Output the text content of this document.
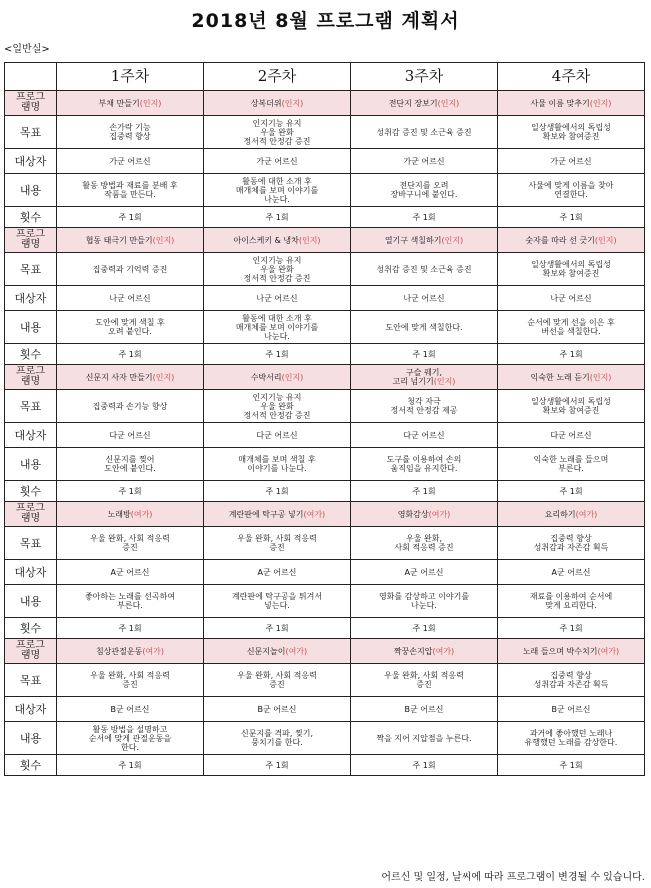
2018년 8월 프로그램 계획서
<일반실>
	1주차	2주차	3주차	4주차
프로그
램명	부채 만들기(인지)	상복더위(인지)	전단지 장보기(인지)	사물 이름 맞추기(인지)
목표	손가락 기능
집중력 향상	인지기능 유지
우울 완화
정서적 안정감 증진	성취감 증진 및 소근육 증진	일상생활에서의 독립성
확보와 참여증진
대상자	가군 어르신	가군 어르신	가군 어르신	가군 어르신
내용	활동 방법과 재료를 분배 후
작품을 만든다.	활동에 대한 소개 후
매개체를 보며 이야기를
나눈다.	전단지를 오려
장바구니에 붙인다.	사물에 맞게 이름을 찾아
연결한다.
횟수	주 1회	주 1회	주 1회	주 1회
프로그
램명	협동 태극기 만들기(인지)	아이스케키 & 냉차(인지)	열기구 색칠하기(인지)	숫자를 따라 선 긋기(인지)
목표	집중력과 기억력 증진	인지기능 유지
우울 완화
정서적 안정감 증진	성취감 증진 및 소근육 증진	일상생활에서의 독립성
확보와 참여증진
대상자	나군 어르신	나군 어르신	나군 어르신	나군 어르신
내용	도안에 맞게 색칠 후
오려 붙인다.	활동에 대한 소개 후
매개체를 보며 이야기를
나눈다.	도안에 맞게 색칠한다.	순서에 맞게 선을 이은 후
버선을 색칠한다.
횟수	주 1회	주 1회	주 1회	주 1회
프로그
램명	신문지 사자 만들기(인지)	수박서리(인지)	구슬 꿰기,
고리 넘기기(인지)	익숙한 노래 듣기(인지)
목표	집중력과 손기능 향상	인지기능 유지
우울 완화
정서적 안정감 증진	청각 자극
정서적 안정감 제공	일상생활에서의 독립성
확보와 참여증진
대상자	다군 어르신	다군 어르신	다군 어르신	다군 어르신
내용	신문지를 찢어
도안에 붙인다.	매개체를 보며 색칠 후
이야기를 나눈다.	도구를 이용하여 손의
움직임을 유지한다.	익숙한 노래를 들으며
부른다.
횟수	주 1회	주 1회	주 1회	주 1회
프로그
램명	노래방(여가)	계란판에 탁구공 넣기(여가)	영화감상(여가)	요리하기(여가)
목표	우울 완화, 사회 적응력
증진	우울 완화, 사회 적응력
증진	우울 완화,
사회 적응력 증진	집중력 향상
성취감과 자존감 획득
대상자	A군 어르신	A군 어르신	A군 어르신	A군 어르신
내용	좋아하는 노래를 선곡하여
부른다.	계란판에 탁구공을 튀겨서
넣는다.	영화를 감상하고 이야기를
나눈다.	재료를 이용하여 순서에
맞게 요리한다.
횟수	주 1회	주 1회	주 1회	주 1회
프로그
램명	침상관절운동(여가)	신문지놀이(여가)	짝꿍손지압(여가)	노래 들으며 박수치기(여가)
목표	우울 완화, 사회 적응력
증진	우울 완화, 사회 적응력
증진	우울 완화, 사회 적응력
증진	집중력 향상
성취감과 자존감 획득
대상자	B군 어르신	B군 어르신	B군 어르신	B군 어르신
내용	활동 방법을 설명하고
순서에 맞게 관절운동을
한다.	신문지를 격파, 찢기,
뭉치기를 한다.	짝을 지어 지압점을 누른다.	과거에 좋아했던 노래나
유행했던 노래를 감상한다.
횟수	주 1회	주 1회	주 1회	주 1회
어르신 및 일정, 날씨에 따라 프로그램이 변경될 수 있습니다.
